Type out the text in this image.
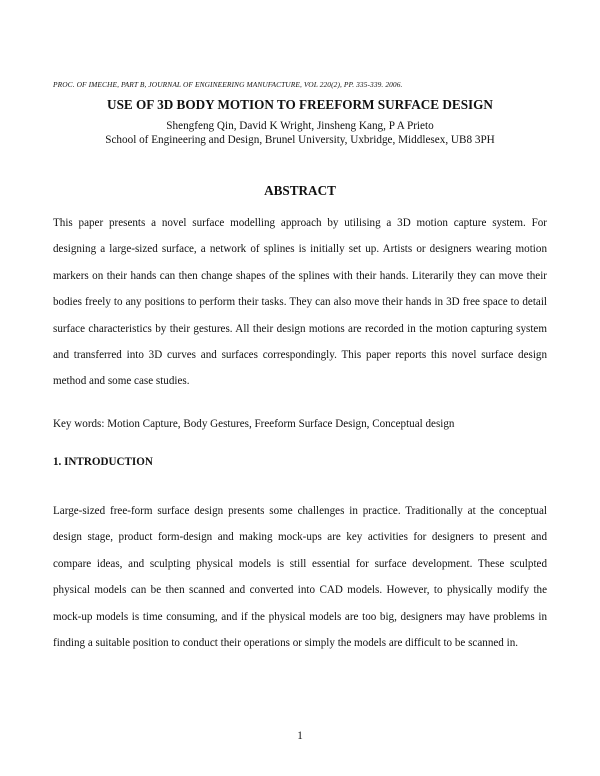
PROC. OF IMECHE, PART B, JOURNAL OF ENGINEERING MANUFACTURE, VOL 220(2), PP. 335-339. 2006.
USE OF 3D BODY MOTION TO FREEFORM SURFACE DESIGN
Shengfeng Qin, David K Wright, Jinsheng Kang, P A Prieto
School of Engineering and Design, Brunel University, Uxbridge, Middlesex, UB8 3PH
ABSTRACT
This paper presents a novel surface modelling approach by utilising a 3D motion capture system. For designing a large-sized surface, a network of splines is initially set up. Artists or designers wearing motion markers on their hands can then change shapes of the splines with their hands. Literarily they can move their bodies freely to any positions to perform their tasks. They can also move their hands in 3D free space to detail surface characteristics by their gestures. All their design motions are recorded in the motion capturing system and transferred into 3D curves and surfaces correspondingly. This paper reports this novel surface design method and some case studies.
Key words: Motion Capture, Body Gestures, Freeform Surface Design, Conceptual design
1. INTRODUCTION
Large-sized free-form surface design presents some challenges in practice. Traditionally at the conceptual design stage, product form-design and making mock-ups are key activities for designers to present and compare ideas, and sculpting physical models is still essential for surface development. These sculpted physical models can be then scanned and converted into CAD models. However, to physically modify the mock-up models is time consuming, and if the physical models are too big, designers may have problems in finding a suitable position to conduct their operations or simply the models are difficult to be scanned in.
1
